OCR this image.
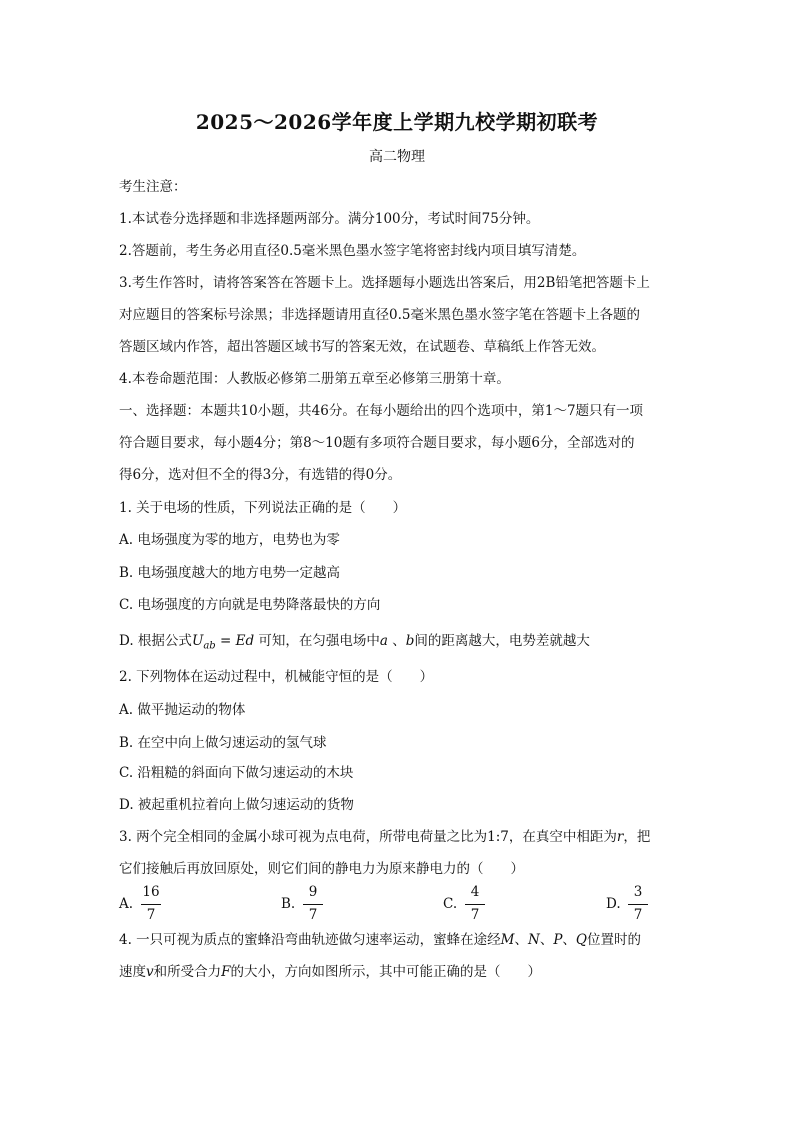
2025～2026学年度上学期九校学期初联考
高二物理
考生注意：
1.本试卷分选择题和非选择题两部分。满分100分，考试时间75分钟。
2.答题前，考生务必用直径0.5毫米黑色墨水签字笔将密封线内项目填写清楚。
3.考生作答时，请将答案答在答题卡上。选择题每小题选出答案后，用2B铅笔把答题卡上
对应题目的答案标号涂黑；非选择题请用直径0.5毫米黑色墨水签字笔在答题卡上各题的
答题区域内作答，超出答题区域书写的答案无效，在试题卷、草稿纸上作答无效。
4.本卷命题范围：人教版必修第二册第五章至必修第三册第十章。
一、选择题：本题共10小题，共46分。在每小题给出的四个选项中，第1～7题只有一项
符合题目要求，每小题4分；第8～10题有多项符合题目要求，每小题6分，全部选对的
得6分，选对但不全的得3分，有选错的得0分。
1. 关于电场的性质，下列说法正确的是（　　）
A. 电场强度为零的地方，电势也为零
B. 电场强度越大的地方电势一定越高
C. 电场强度的方向就是电势降落最快的方向
D. 根据公式$U_{ab} = Ed$ 可知，在匀强电场中a 、b间的距离越大，电势差就越大
2. 下列物体在运动过程中，机械能守恒的是（　　）
A. 做平抛运动的物体
B. 在空中向上做匀速运动的氢气球
C. 沿粗糙的斜面向下做匀速运动的木块
D. 被起重机拉着向上做匀速运动的货物
3. 两个完全相同的金属小球可视为点电荷，所带电荷量之比为1:7，在真空中相距为r，把
它们接触后再放回原处，则它们间的静电力为原来静电力的（　　）
A.
16
7
B.
9
7
C.
4
7
D.
3
7
4. 一只可视为质点的蜜蜂沿弯曲轨迹做匀速率运动，蜜蜂在途经M、N、P、Q位置时的
速度v和所受合力F的大小，方向如图所示，其中可能正确的是（　　）
